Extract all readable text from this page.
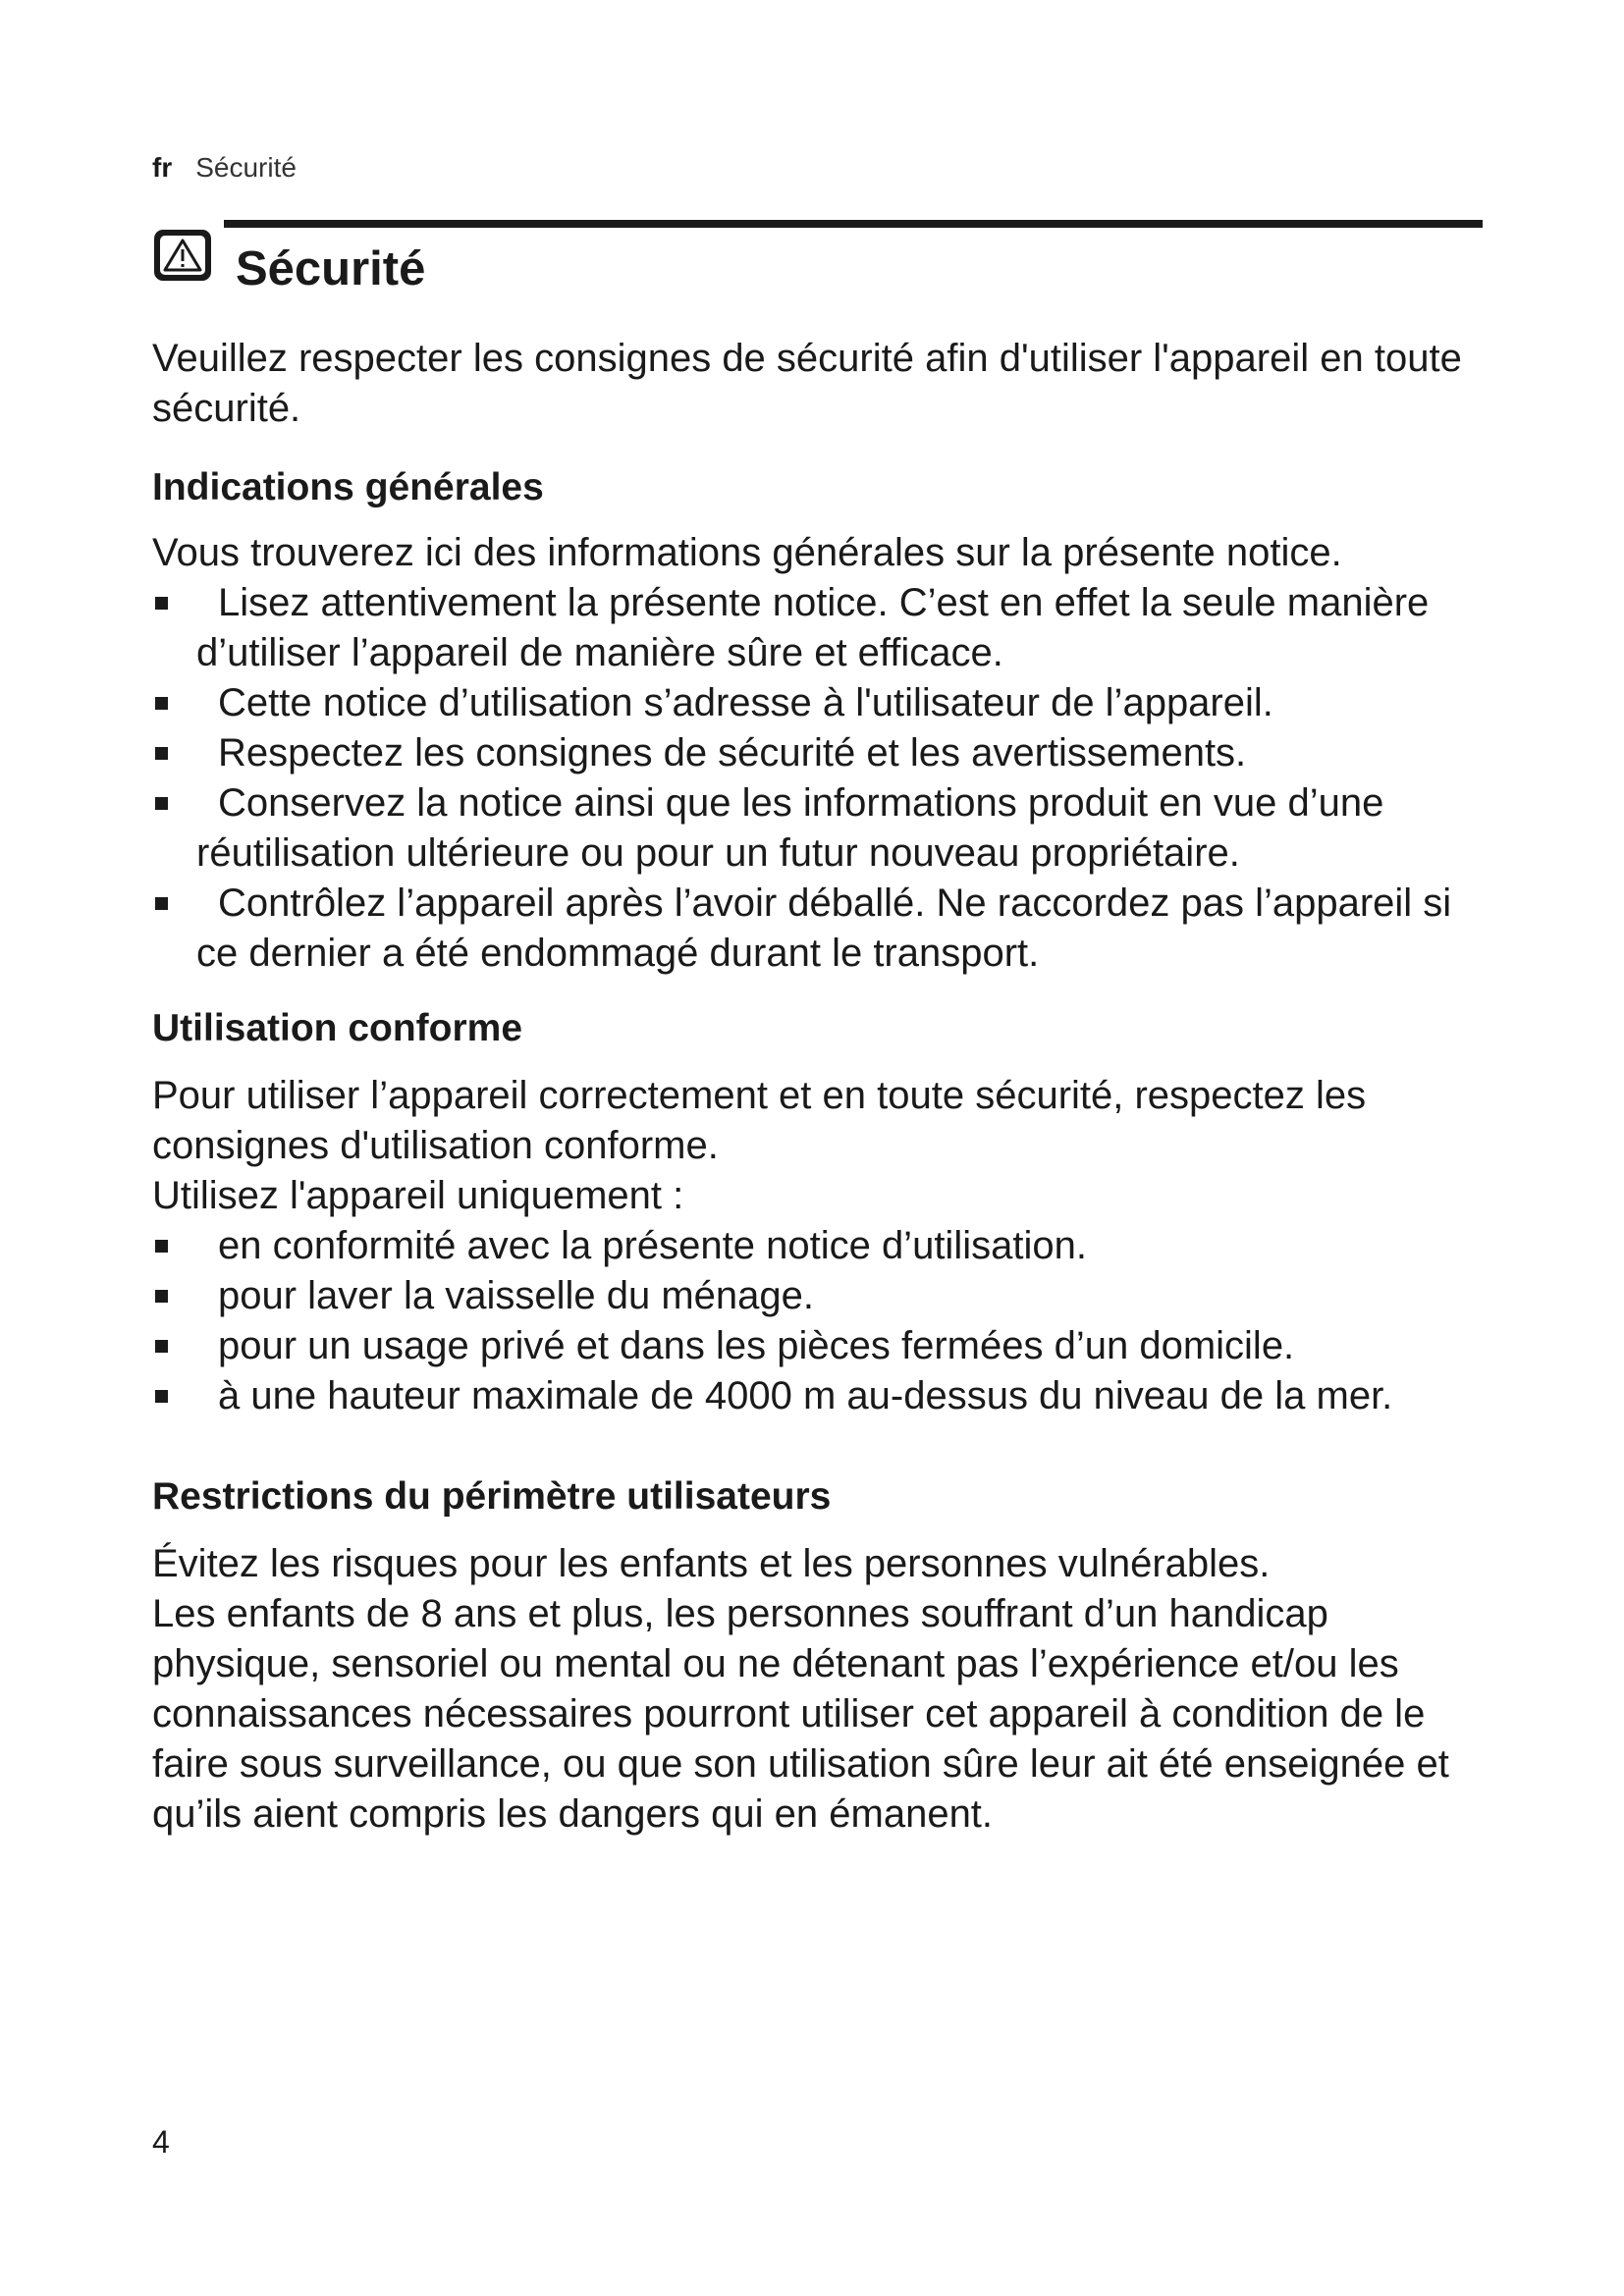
fr Sécurité
Sécurité

Veuillez respecter les consignes de sécurité afin d'utiliser l'appareil en toute sécurité.

Indications générales

Vous trouverez ici des informations générales sur la présente notice.

Lisez attentivement la présente notice. C’est en effet la seule manière d’utiliser l’appareil de manière sûre et efficace.
Cette notice d’utilisation s’adresse à l'utilisateur de l’appareil.
Respectez les consignes de sécurité et les avertissements.
Conservez la notice ainsi que les informations produit en vue d’une réutilisation ultérieure ou pour un futur nouveau propriétaire.
Contrôlez l’appareil après l’avoir déballé. Ne raccordez pas l’appareil si ce dernier a été endommagé durant le transport.
Utilisation conforme

Pour utiliser l’appareil correctement et en toute sécurité, respectez les consignes d'utilisation conforme.

Utilisez l'appareil uniquement :

en conformité avec la présente notice d’utilisation.
pour laver la vaisselle du ménage.
pour un usage privé et dans les pièces fermées d’un domicile.
à une hauteur maximale de 4000 m au-dessus du niveau de la mer.
Restrictions du périmètre utilisateurs

Évitez les risques pour les enfants et les personnes vulnérables.

Les enfants de 8 ans et plus, les personnes souffrant d’un handicap physique, sensoriel ou mental ou ne détenant pas l’expérience et/ou les connaissances nécessaires pourront utiliser cet appareil à condition de le faire sous surveillance, ou que son utilisation sûre leur ait été enseignée et qu’ils aient compris les dangers qui en émanent.

4
